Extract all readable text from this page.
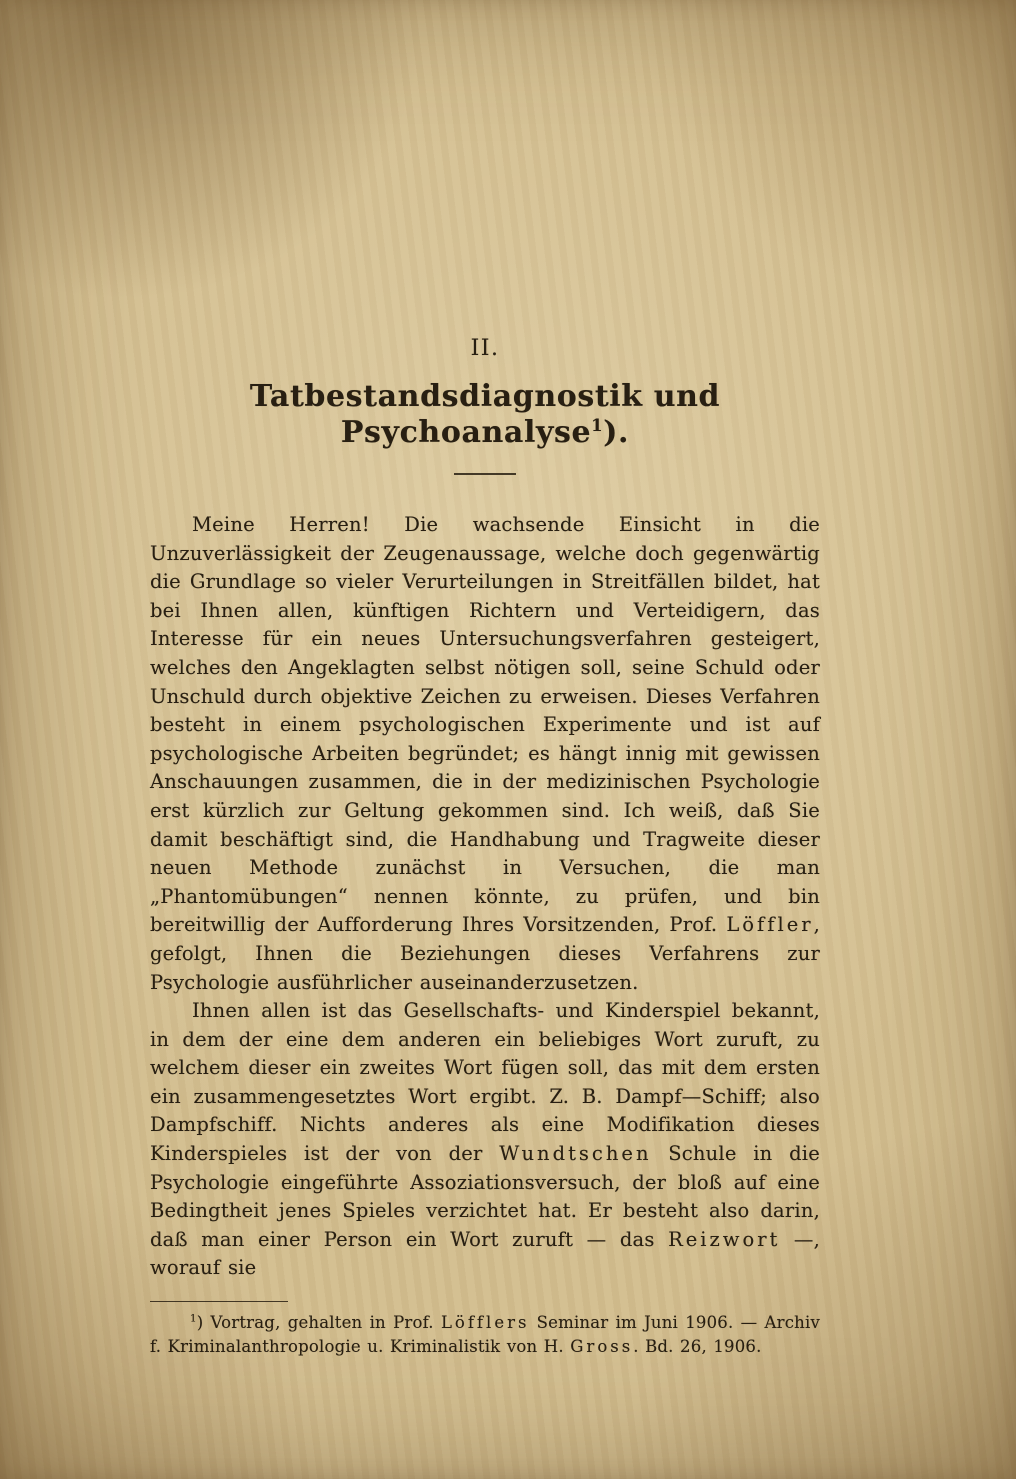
II.

Tatbestandsdiagnostik und Psychoanalyse$^1$).

Meine Herren! Die wachsende Einsicht in die Unzuverlässigkeit der Zeugenaussage, welche doch gegenwärtig die Grundlage so vieler Verurteilungen in Streitfällen bildet, hat bei Ihnen allen, künftigen Richtern und Verteidigern, das Interesse für ein neues Untersuchungsverfahren gesteigert, welches den Angeklagten selbst nötigen soll, seine Schuld oder Unschuld durch objektive Zeichen zu erweisen. Dieses Verfahren besteht in einem psychologischen Experimente und ist auf psychologische Arbeiten begründet; es hängt innig mit gewissen Anschauungen zusammen, die in der medizinischen Psychologie erst kürzlich zur Geltung gekommen sind. Ich weiß, daß Sie damit beschäftigt sind, die Handhabung und Tragweite dieser neuen Methode zunächst in Versuchen, die man „Phantomübungen“ nennen könnte, zu prüfen, und bin bereitwillig der Aufforderung Ihres Vorsitzenden, Prof. Löffler, gefolgt, Ihnen die Beziehungen dieses Verfahrens zur Psychologie ausführlicher auseinanderzusetzen.

Ihnen allen ist das Gesellschafts- und Kinderspiel bekannt, in dem der eine dem anderen ein beliebiges Wort zuruft, zu welchem dieser ein zweites Wort fügen soll, das mit dem ersten ein zusammengesetztes Wort ergibt. Z. B. Dampf—Schiff; also Dampfschiff. Nichts anderes als eine Modifikation dieses Kinderspieles ist der von der Wundtschen Schule in die Psychologie eingeführte Assoziationsversuch, der bloß auf eine Bedingtheit jenes Spieles verzichtet hat. Er besteht also darin, daß man einer Person ein Wort zuruft — das Reizwort —, worauf sie

$^1$) Vortrag, gehalten in Prof. Löfflers Seminar im Juni 1906. — Archiv f. Kriminalanthropologie u. Kriminalistik von H. Gross. Bd. 26, 1906.
